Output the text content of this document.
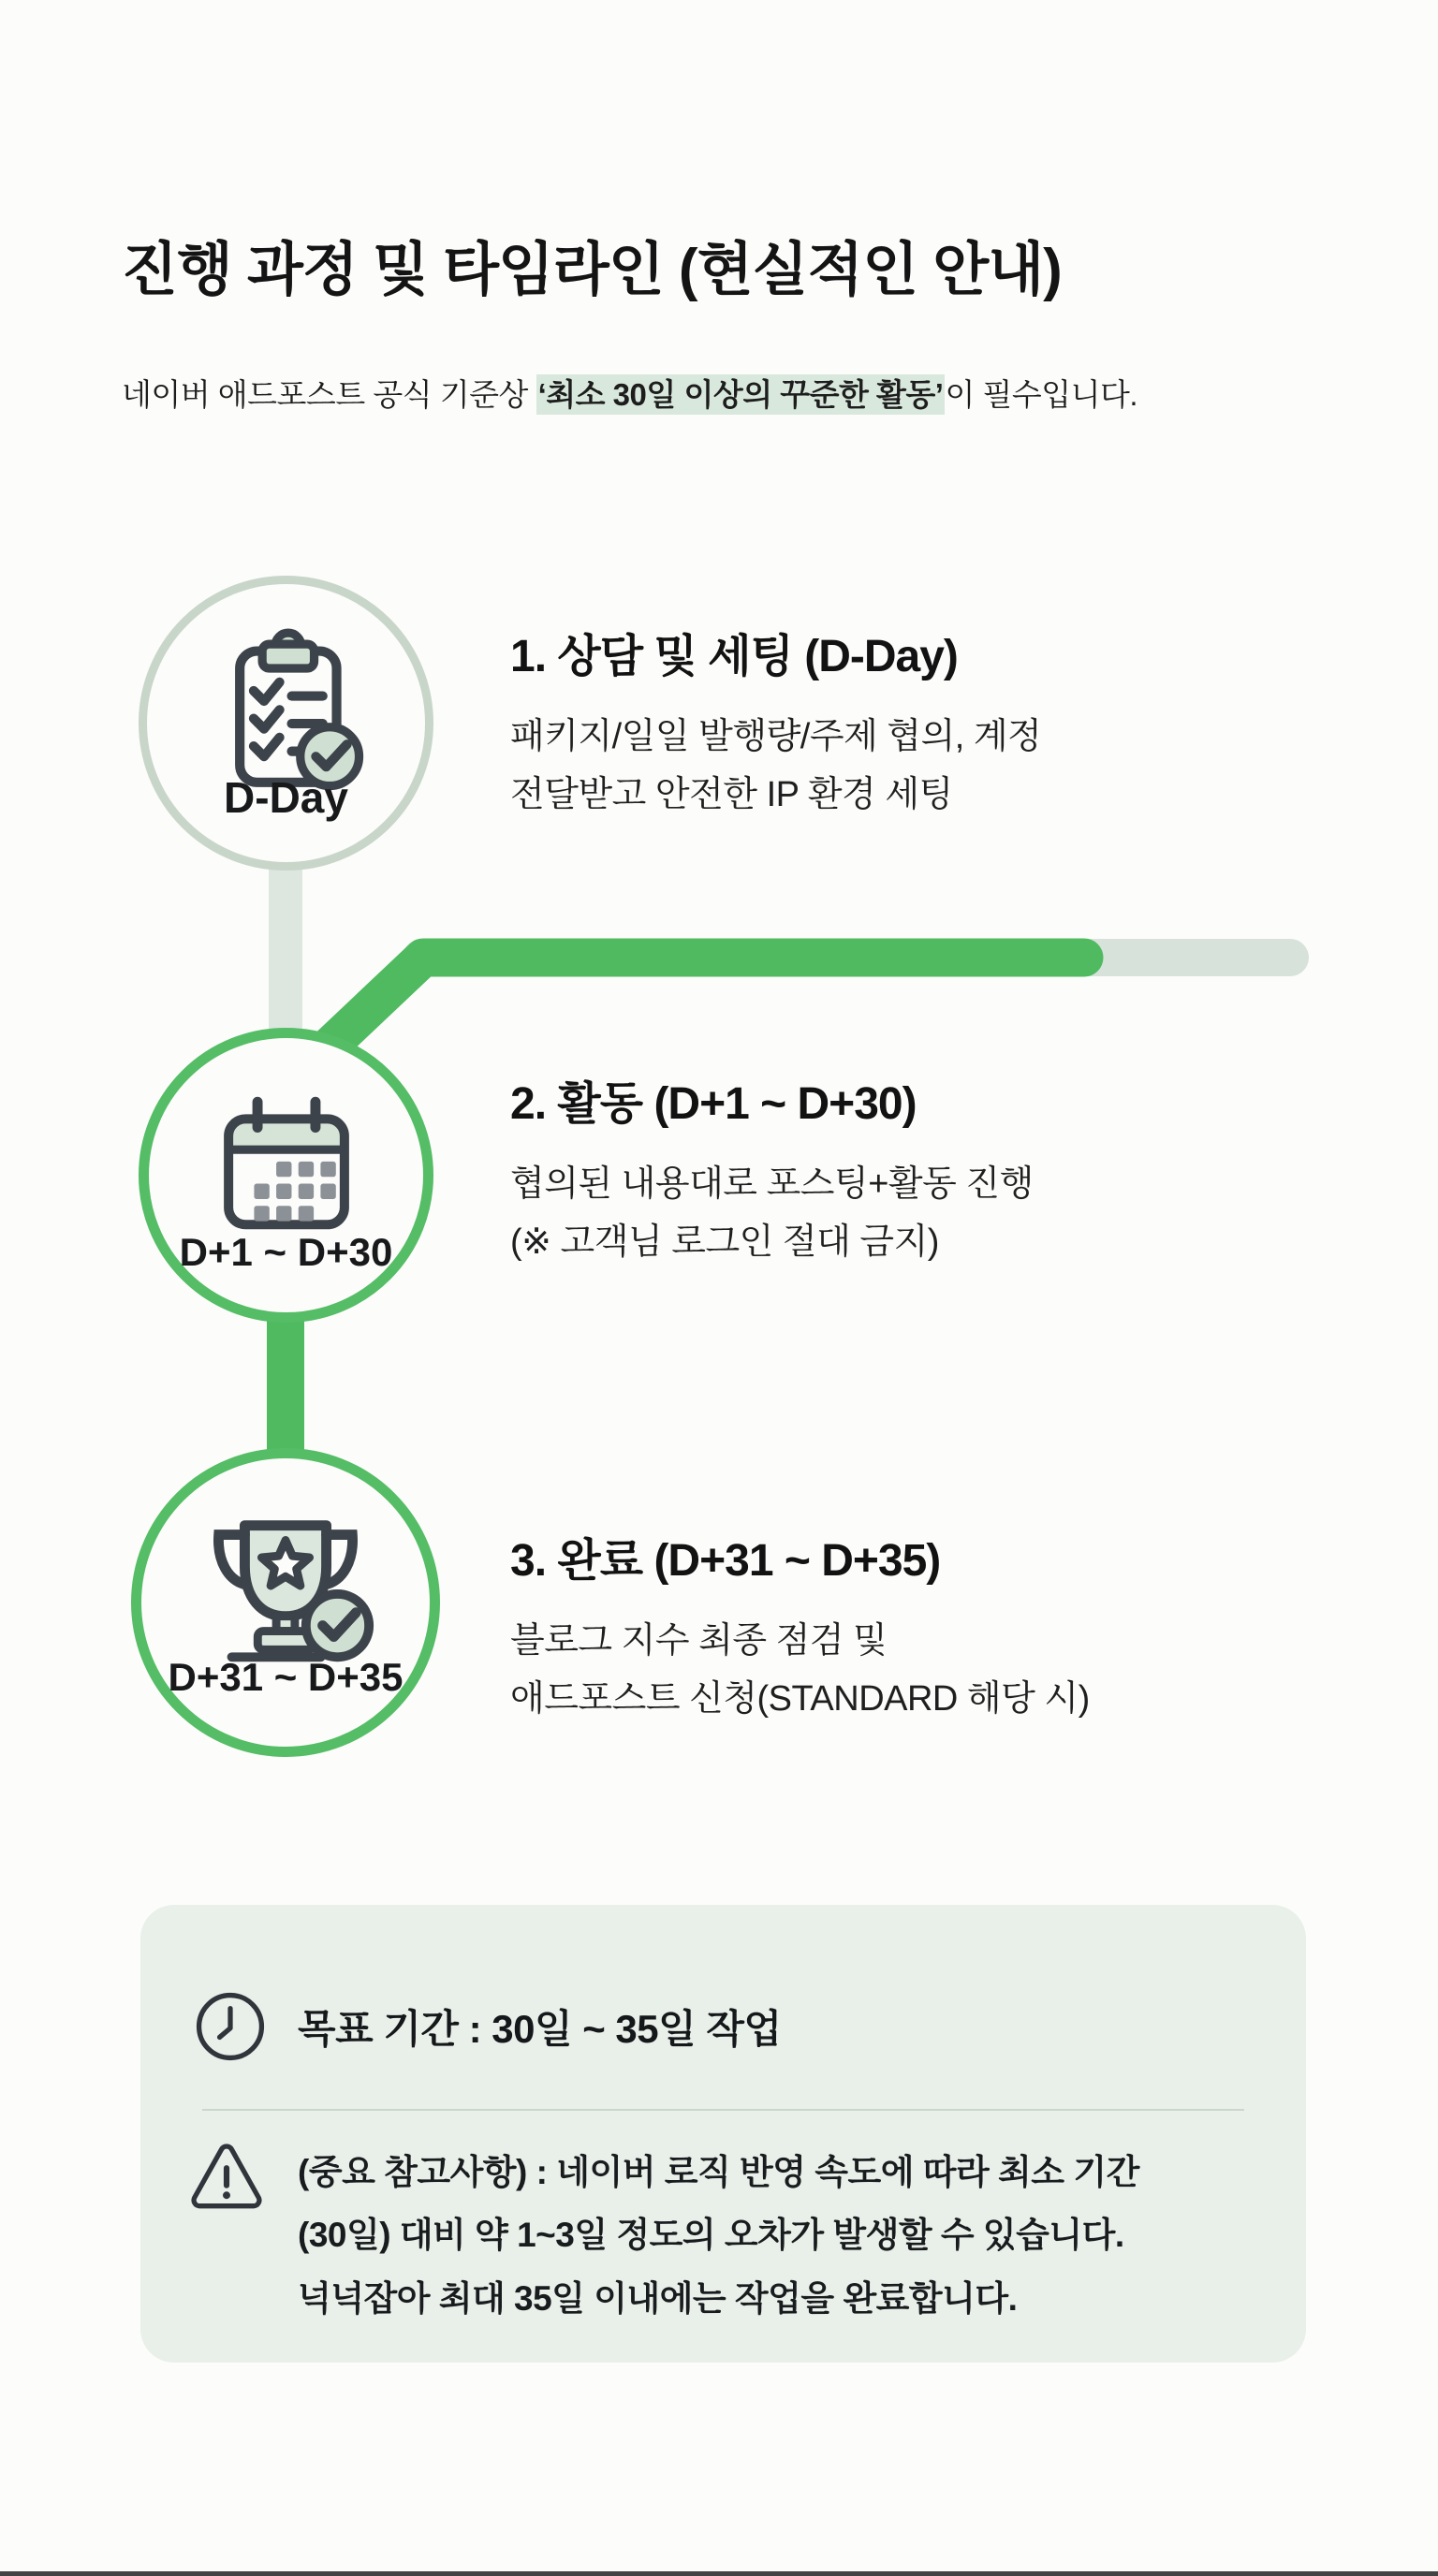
진행 과정 및 타임라인 (현실적인 안내)
네이버 애드포스트 공식 기준상 ‘최소 30일 이상의 꾸준한 활동’이 필수입니다.
D-Day
1. 상담 및 세팅 (D-Day)
패키지/일일 발행량/주제 협의, 계정
전달받고 안전한 IP 환경 세팅
D+1 ~ D+30
2. 활동 (D+1 ~ D+30)
협의된 내용대로 포스팅+활동 진행
(※ 고객님 로그인 절대 금지)
D+31 ~ D+35
3. 완료 (D+31 ~ D+35)
블로그 지수 최종 점검 및
애드포스트 신청(STANDARD 해당 시)
목표 기간 : 30일 ~ 35일 작업
(중요 참고사항) : 네이버 로직 반영 속도에 따라 최소 기간
(30일) 대비 약 1~3일 정도의 오차가 발생할 수 있습니다.
넉넉잡아 최대 35일 이내에는 작업을 완료합니다.
